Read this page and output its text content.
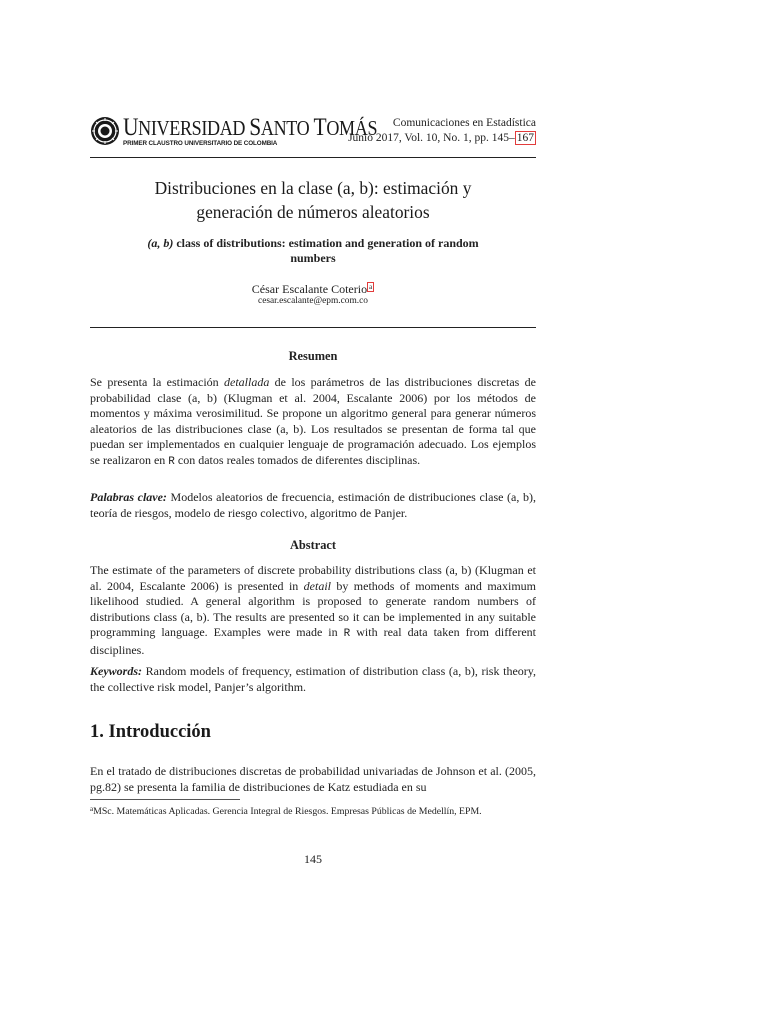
UNIVERSIDAD SANTO TOMÁS
PRIMER CLAUSTRO UNIVERSITARIO DE COLOMBIA
Comunicaciones en Estadística
Junio 2017, Vol. 10, No. 1, pp. 145– 167
Distribuciones en la clase (a, b): estimación y
generación de números aleatorios
(a, b) class of distributions: estimation and generation of random
numbers
César Escalante Coterio a
cesar.escalante@epm.com.co
Resumen
Se presenta la estimación detallada de los parámetros de las distribuciones discretas de probabilidad clase (a, b) (Klugman et al. 2004, Escalante 2006) por los métodos de momentos y máxima verosimilitud. Se propone un algoritmo general para generar números aleatorios de las distribuciones clase (a, b). Los resultados se presentan de forma tal que puedan ser implementados en cualquier lenguaje de programación adecuado. Los ejemplos se realizaron en R con datos reales tomados de diferentes disciplinas.
Palabras clave: Modelos aleatorios de frecuencia, estimación de distribuciones clase (a, b), teoría de riesgos, modelo de riesgo colectivo, algoritmo de Panjer.
Abstract
The estimate of the parameters of discrete probability distributions class (a, b) (Klugman et al. 2004, Escalante 2006) is presented in detail by methods of moments and maximum likelihood studied. A general algorithm is proposed to generate random numbers of distributions class (a, b). The results are presented so it can be implemented in any suitable programming language. Examples were made in R with real data taken from different disciplines.
Keywords: Random models of frequency, estimation of distribution class (a, b), risk theory, the collective risk model, Panjer’s algorithm.
1. Introducción
En el tratado de distribuciones discretas de probabilidad univariadas de Johnson et al. (2005, pg.82) se presenta la familia de distribuciones de Katz estudiada en su
$^a$MSc. Matemáticas Aplicadas. Gerencia Integral de Riesgos. Empresas Públicas de Medellín, EPM.
145
